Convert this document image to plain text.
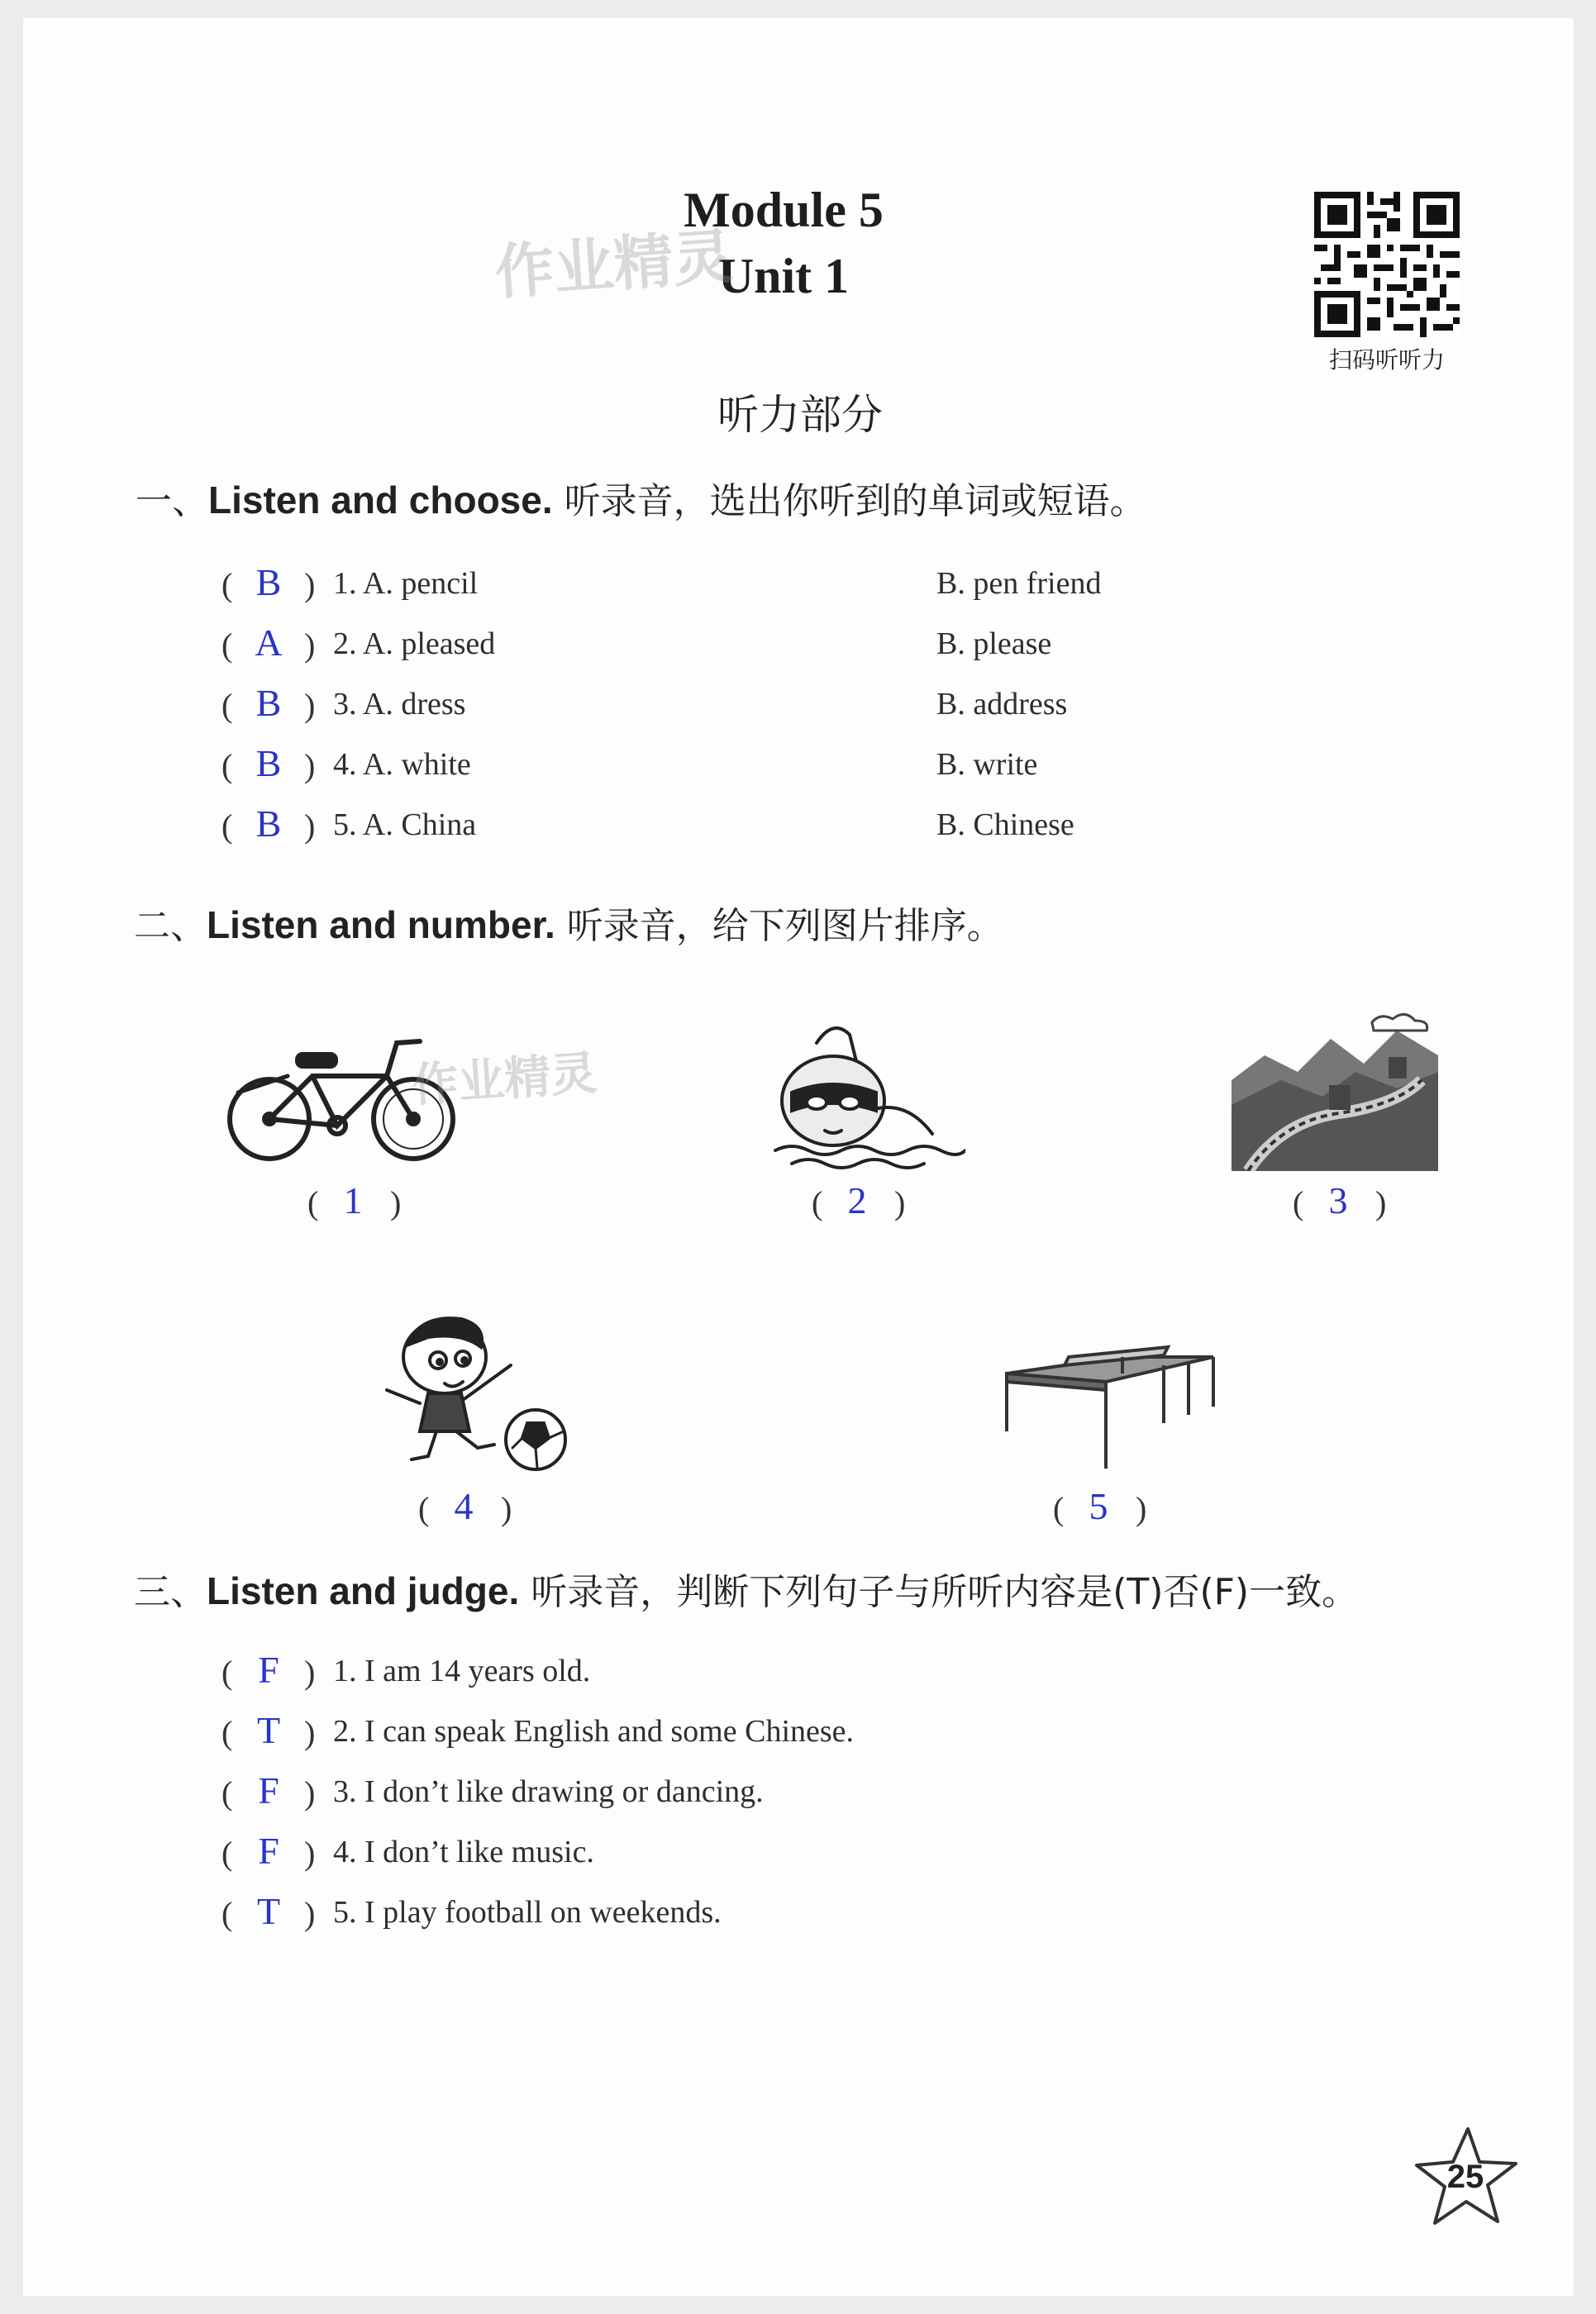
Module 5
Unit 1
作业精灵
扫码听听力
听力部分
一、Listen and choose. 听录音，选出你听到的单词或短语。
( B ) 1. A. pencil	B. pen friend
( A ) 2. A. pleased	B. please
( B ) 3. A. dress	B. address
( B ) 4. A. white	B. write
( B ) 5. A. China	B. Chinese
二、Listen and number. 听录音，给下列图片排序。
作业精灵
( 1 )	( 2 )	( 3 )
( 4 )	( 5 )
三、Listen and judge. 听录音，判断下列句子与所听内容是(T)否(F)一致。
( F ) 1. I am 14 years old.
( T ) 2. I can speak English and some Chinese.
( F ) 3. I don’t like drawing or dancing.
( F ) 4. I don’t like music.
( T ) 5. I play football on weekends.
25
